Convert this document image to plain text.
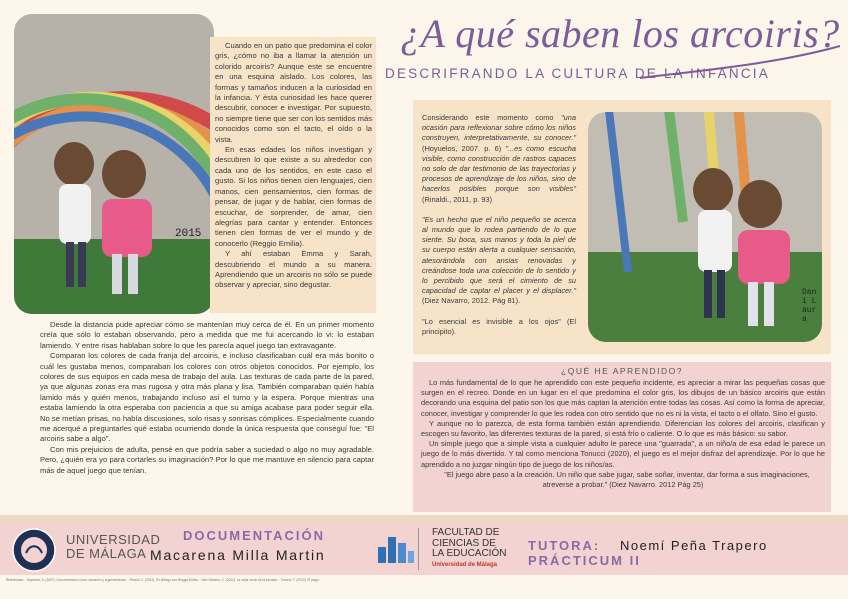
¿A qué saben los arcoiris?
DESCRIFRANDO LA CULTURA DE LA INFANCIA
2015

Cuando en un patio que predomina el color gris, ¿cómo no iba a llamar la atención un colorido arcoiris? Aunque este se encuentre en una esquina aislado. Los colores, las formas y tamaños inducen a la curiosidad en la infancia. Y ésta curiosidad les hace querer descubrir, conocer e investigar. Por supuesto, no siempre tiene que ser con los sentidos más conocidos como son el tacto, el oído o la vista.

En esas edades los niños investigan y descubren lo que existe a su alrededor con cada uno de los sentidos, en este caso el gusto. Si los niños tienen cien lenguajes, cien manos, cien pensamientos, cien formas de pensar, de jugar y de hablar, cien formas de escuchar, de sorprender, de amar, cien alegrías para cantar y entender. Entonces tienen cien formas de ver el mundo y de conocerlo (Reggio Emilia).

Y ahí estaban Emma y Sarah, descubriendo el mundo a su manera. Aprendiendo que un arcoiris no sólo se puede observar y apreciar, sino degustar.

Desde la distancia pude apreciar cómo se mantenían muy cerca de él. En un primer momento creía que sólo lo estaban observando, pero a medida que me fui acercando lo vi: lo estaban lamiendo. Y entre risas hablaban sobre lo que les parecía aquel juego tan extravagante.

Comparan los colores de cada franja del arcoiris, e incluso clasificaban cuál era más bonito o cuál les gustaba menos, comparaban los colores con otros objetos conocidos. Por ejemplo, los colores de sus equipos en cada mesa de trabajo del aula. Las texturas de cada parte de la pared, ya que algunas zonas era mas rugosa y otra más plana y lisa. También comparaban quién había lamido más y quién menos, trabajando incluso así el turno y la espera. Porque mientras una estaba lamiendo la otra esperaba con paciencia a que su amiga acabase para poder seguir ella. No se metían prisas, no había discusiones, solo risas y sonrisas cómplices. Especialmente cuando me acerqué a preguntarles qué estaba ocurriendo donde la única respuesta que conseguí fue: "El arcoiris sabe a algo".

Con mis prejuicios de adulta, pensé en que podría saber a suciedad o algo no muy agradable. Pero, ¿quién era yo para cortarles su imaginación? Por lo que me mantuve en silencio para captar más de aquel juego que tenían.

Considerando este momento como "una ocasión para reflexionar sobre cómo los niños construyen, interpretativamente, su conocer." (Hoyuelos, 2007. p. 6) "...es como escucha visible, como construcción de rastros capaces no solo de dar testimonio de las trayectorias y procesos de aprendizaje de los niños, sino de hacerlos posibles porque son visibles" (Rinaldi., 2011, p. 93)

"Es un hecho que el niño pequeño se acerca al mundo que lo rodea partiendo de lo que siente. Su boca, sus manos y toda la piel de su cuerpo están alerta a cualquier sensación, atesorándola con ansias renovadas y creándose toda una colección de lo sentido y lo percibido que será el cimiento de su capacidad de captar el placer y el displacer." (Diez Navarro, 2012. Pág 81).

"Lo esencial es invisible a los ojos" (El principito).

Dani Laura
¿QUÉ HE APRENDIDO?

Lo más fundamental de lo que he aprendido con este pequeño incidente, es apreciar a mirar las pequeñas cosas que surgen en el recreo. Donde en un lugar en el que predomina el color gris, los dibujos de un básico arcoiris que están decorando una esquina del patio son los que más captan la atención entre todas las cosas. Así como la forma de apreciar, conocer, investigar y comprender lo que les rodea con otro sentido que no es ni la vista, el tacto o el olfato. Sino el gusto.

Y aunque no lo parezca, de esta forma también están aprendiendo. Diferencian los colores del arcoiris, clasifican y escogen su favorito, las diferentes texturas de la pared, si está frío o caliente. O lo que es más básico: su sabor.

Un simple juego que a simple vista a cualquier adulto le parece una "guarrada", a un niño/a de esa edad le parece un juego de lo más divertido. Y tal como menciona Tonucci (2020), el juego es el mejor disfraz del aprendizaje. Por lo que he aprendido a no juzgar ningún tipo de juego de los niños/as.

"El juego abre paso a la creación. Un niño que sabe jugar, sabe soñar, inventar, dar forma a sus imaginaciones, atreverse a probar." (Diez Navarro. 2012 Pág 25)

UNIVERSIDAD
DE MÁLAGA
DOCUMENTACIÓN
Macarena Milla Martin
FACULTAD DE
CIENCIAS DE
LA EDUCACIÓN
Universidad de Málaga
TUTORA: Noemí Peña Trapero
PRÁCTICUM II
Referencias: · Hoyuelos, A. (2007). Documentación como narración y argumentación. · Rinaldi, C. (2011). En diálogo con Reggio Emilia. · Diez Navarro, C. (2012). La oreja verde de la escuela. · Tonucci, F. (2020). El juego.
